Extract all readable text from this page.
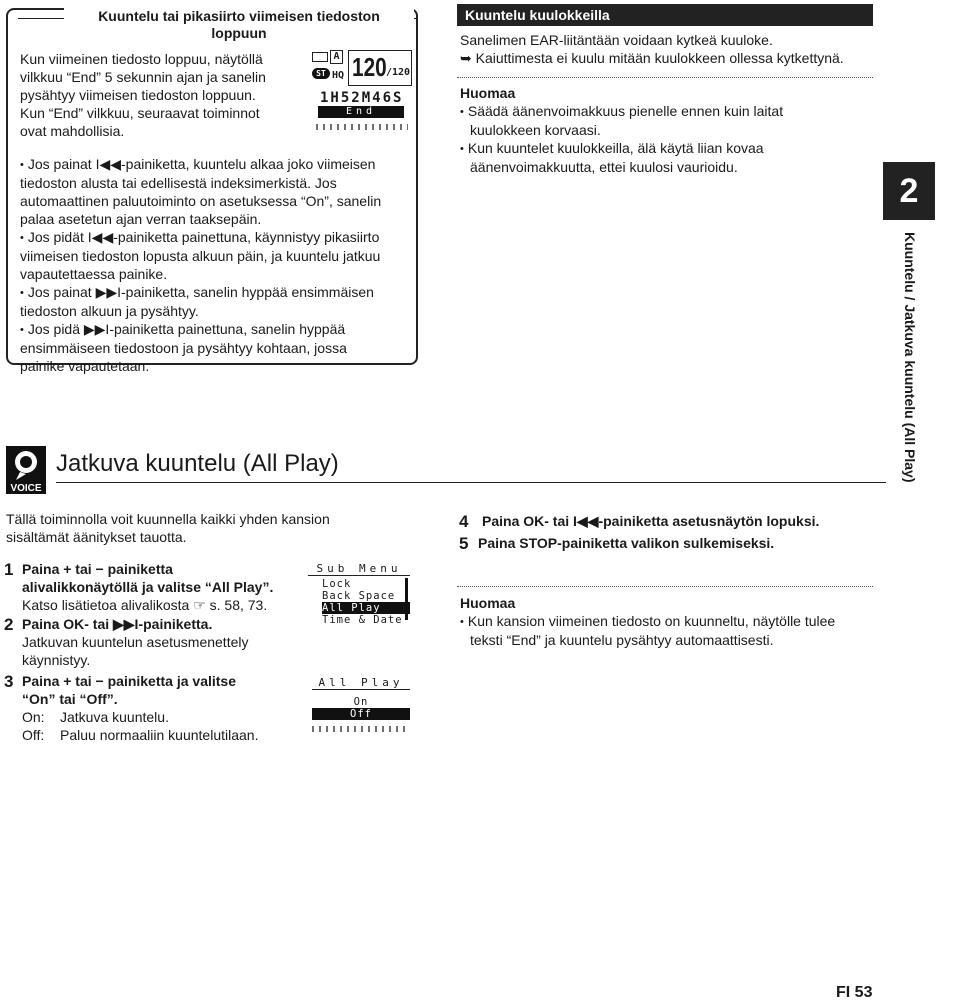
Kuuntelu tai pikasiirto viimeisen tiedoston
loppuun
Kun viimeinen tiedosto loppuu, näytöllä
vilkkuu “End” 5 sekunnin ajan ja sanelin
pysähtyy viimeisen tiedoston loppuun.
Kun “End” vilkkuu, seuraavat toiminnot
ovat mahdollisia.

• Jos painat I◀◀-painiketta, kuuntelu alkaa joko viimeisen
tiedoston alusta tai edellisestä indeksimerkistä. Jos
automaattinen paluutoiminto on asetuksessa “On”, sanelin
palaa asetetun ajan verran taaksepäin.

• Jos pidät I◀◀-painiketta painettuna, käynnistyy pikasiirto
viimeisen tiedoston lopusta alkuun päin, ja kuuntelu jatkuu
vapautettaessa painike.

• Jos painat ▶▶I-painiketta, sanelin hyppää ensimmäisen
tiedoston alkuun ja pysähtyy.

• Jos pidä ▶▶I-painiketta painettuna, sanelin hyppää
ensimmäiseen tiedostoon ja pysähtyy kohtaan, jossa
painike vapautetaan.

A
ST HQ 120 /120
1H52M46S
End
Kuuntelu kuulokkeilla
Sanelimen EAR-liitäntään voidaan kytkeä kuuloke.
➥ Kaiuttimesta ei kuulu mitään kuulokkeen ollessa kytkettynä.
Huomaa
• Säädä äänenvoimakkuus pienelle ennen kuin laitat
kuulokkeen korvaasi.
• Kun kuuntelet kuulokkeilla, älä käytä liian kovaa
äänenvoimakkuutta, ettei kuulosi vaurioidu.
2
Kuuntelu / Jatkuva kuuntelu (All Play)
VOICE
Jatkuva kuuntelu (All Play)
Tällä toiminnolla voit kuunnella kaikki yhden kansion
sisältämät äänitykset tauotta.
1 Paina + tai − painiketta
alivalikkonäytöllä ja valitse “All Play”.
Katso lisätietoa alivalikosta ☞ s. 58, 73.
2 Paina OK- tai ▶▶I-painiketta.
Jatkuvan kuuntelun asetusmenettely
käynnistyy.
3 Paina + tai − painiketta ja valitse
“On” tai “Off”.
On: Jatkuva kuuntelu.
Off: Paluu normaaliin kuuntelutilaan.
Sub Menu
Lock
Back Space
All Play
Time & Date
All Play
On
Off
4 Paina OK- tai I◀◀-painiketta asetusnäytön lopuksi.
5 Paina STOP-painiketta valikon sulkemiseksi.
Huomaa
• Kun kansion viimeinen tiedosto on kuunneltu, näytölle tulee
teksti “End” ja kuuntelu pysähtyy automaattisesti.
FI 53
